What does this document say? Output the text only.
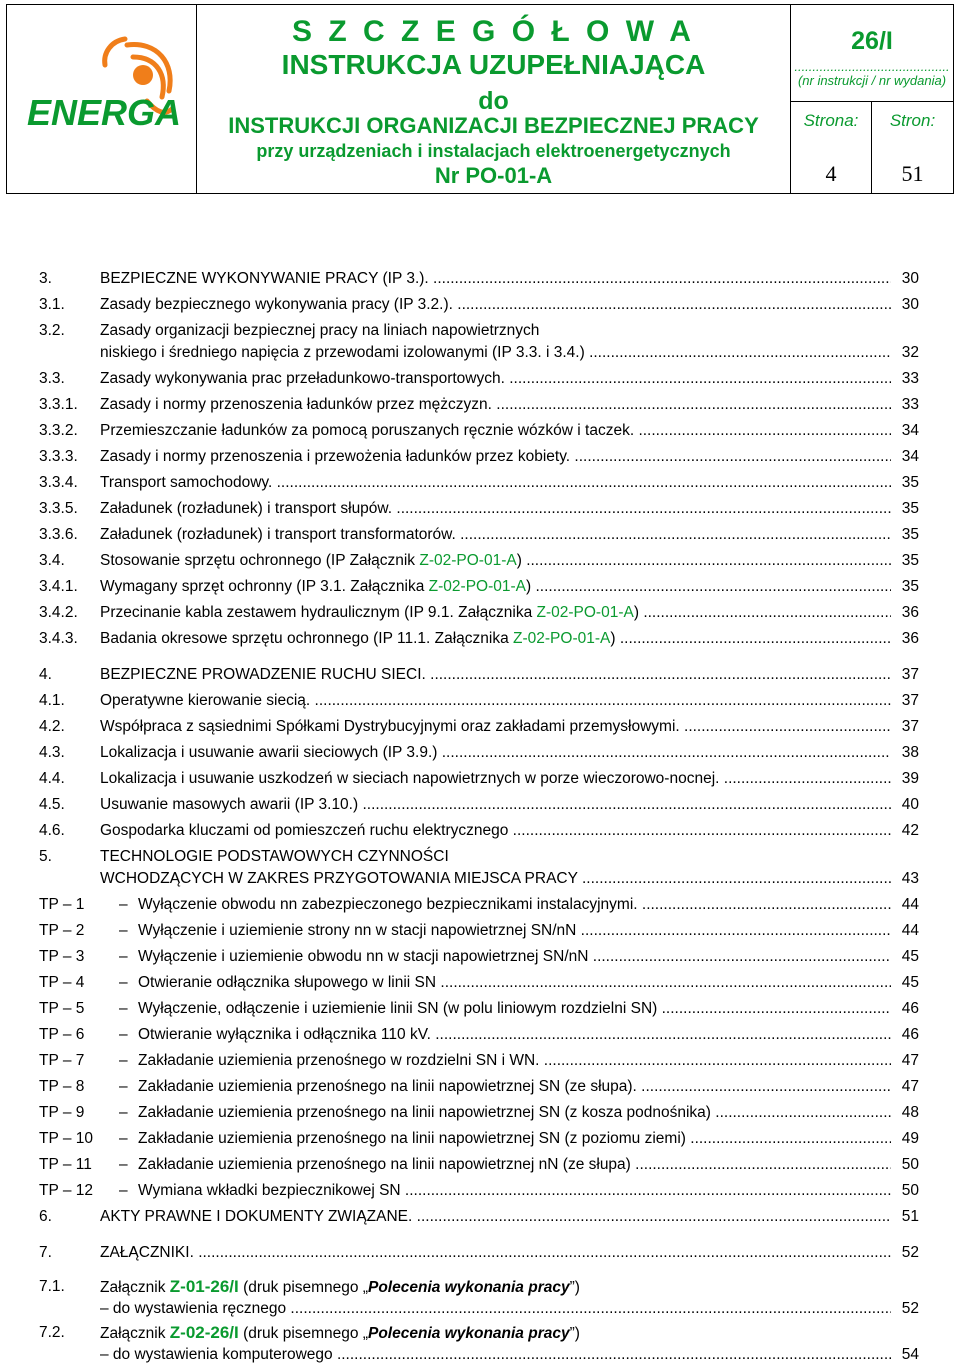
ENERGA
S Z C Z E G Ó Ł O W A
INSTRUKCJA UZUPEŁNIAJĄCA
do
INSTRUKCJI ORGANIZACJI BEZPIECZNEJ PRACY
przy urządzeniach i instalacjach elektroenergetycznych
Nr PO-01-A
26/I
...........................................
(nr instrukcji / nr wydania)
Strona:
4
Stron:
51
3.	BEZPIECZNE WYKONYWANIE PRACY (IP 3.). .....	30
3.1. Zasady bezpiecznego wykonywania pracy (IP 3.2.). .....	30
3.2. Zasady organizacji bezpiecznej pracy na liniach napowietrznych
niskiego i średniego napięcia z przewodami izolowanymi (IP 3.3. i 3.4.) .....	32
3.3. Zasady wykonywania prac przeładunkowo-transportowych. .....	33
3.3.1. Zasady i normy przenoszenia ładunków przez mężczyzn. .....	33
3.3.2. Przemieszczanie ładunków za pomocą poruszanych ręcznie wózków i taczek. .....	34
3.3.3. Zasady i normy przenoszenia i przewożenia ładunków przez kobiety. .....	34
3.3.4. Transport samochodowy. .....	35
3.3.5. Załadunek (rozładunek) i transport słupów. .....	35
3.3.6. Załadunek (rozładunek) i transport transformatorów. .....	35
3.4. Stosowanie sprzętu ochronnego (IP Załącznik Z-02-PO-01-A) .....	35
3.4.1. Wymagany sprzęt ochronny (IP 3.1. Załącznika Z-02-PO-01-A) .....	35
3.4.2. Przecinanie kabla zestawem hydraulicznym (IP 9.1. Załącznika Z-02-PO-01-A) .....	36
3.4.3. Badania okresowe sprzętu ochronnego (IP 11.1. Załącznika Z-02-PO-01-A) .....	36
4.	BEZPIECZNE PROWADZENIE RUCHU SIECI. .....	37
4.1. Operatywne kierowanie siecią. .....	37
4.2. Współpraca z sąsiednimi Spółkami Dystrybucyjnymi oraz zakładami przemysłowymi. .....	37
4.3. Lokalizacja i usuwanie awarii sieciowych (IP 3.9.) .....	38
4.4. Lokalizacja i usuwanie uszkodzeń w sieciach napowietrznych w porze wieczorowo-nocnej. .....	39
4.5. Usuwanie masowych awarii (IP 3.10.) .....	40
4.6. Gospodarka kluczami od pomieszczeń ruchu elektrycznego .....	42
5.	TECHNOLOGIE PODSTAWOWYCH CZYNNOŚCI
WCHODZĄCYCH W ZAKRES PRZYGOTOWANIA MIEJSCA PRACY .....	43
TP – 1	– Wyłączenie obwodu nn zabezpieczonego bezpiecznikami instalacyjnymi. .....	44
TP – 2	– Wyłączenie i uziemienie strony nn w stacji napowietrznej SN/nN .....	44
TP – 3	– Wyłączenie i uziemienie obwodu nn w stacji napowietrznej SN/nN .....	45
TP – 4	– Otwieranie odłącznika słupowego w linii SN .....	45
TP – 5	– Wyłączenie, odłączenie i uziemienie linii SN (w polu liniowym rozdzielni SN) .....	46
TP – 6	– Otwieranie wyłącznika i odłącznika 110 kV. .....	46
TP – 7	– Zakładanie uziemienia przenośnego w rozdzielni SN i WN. .....	47
TP – 8	– Zakładanie uziemienia przenośnego na linii napowietrznej SN (ze słupa). .....	47
TP – 9	– Zakładanie uziemienia przenośnego na linii napowietrznej SN (z kosza podnośnika) .....	48
TP – 10	– Zakładanie uziemienia przenośnego na linii napowietrznej SN (z poziomu ziemi) .....	49
TP – 11	– Zakładanie uziemienia przenośnego na linii napowietrznej nN (ze słupa) .....	50
TP – 12	– Wymiana wkładki bezpiecznikowej SN .....	50
6.	AKTY PRAWNE I DOKUMENTY ZWIĄZANE. .....	51
7.	ZAŁĄCZNIKI. .....	52
7.1. Załącznik Z-01-26/I (druk pisemnego „Polecenia wykonania pracy”)
– do wystawienia ręcznego .....	52
7.2. Załącznik Z-02-26/I (druk pisemnego „Polecenia wykonania pracy”)
– do wystawienia komputerowego .....	54
